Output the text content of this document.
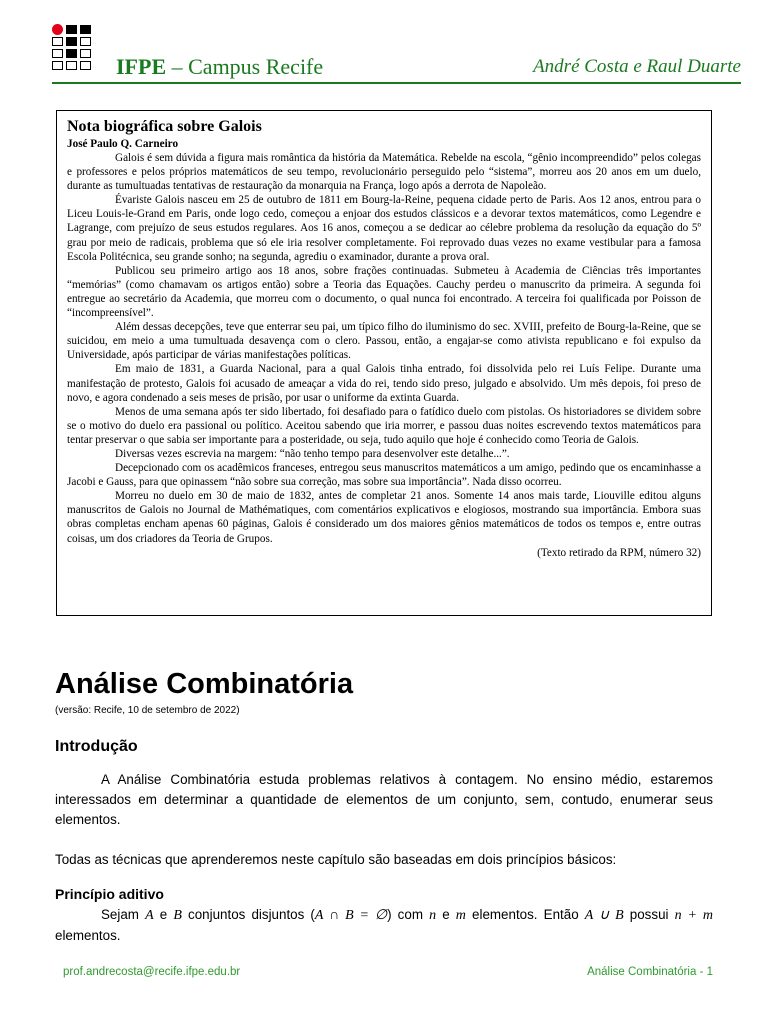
IFPE – Campus Recife	André Costa e Raul Duarte
Nota biográfica sobre Galois
José Paulo Q. Carneiro

Galois é sem dúvida a figura mais romântica da história da Matemática. Rebelde na escola, “gênio incompreendido” pelos colegas e professores e pelos próprios matemáticos de seu tempo, revolucionário perseguido pelo “sistema”, morreu aos 20 anos em um duelo, durante as tumultuadas tentativas de restauração da monarquia na França, logo após a derrota de Napoleão.

Évariste Galois nasceu em 25 de outubro de 1811 em Bourg-la-Reine, pequena cidade perto de Paris. Aos 12 anos, entrou para o Liceu Louis-le-Grand em Paris, onde logo cedo, começou a enjoar dos estudos clássicos e a devorar textos matemáticos, como Legendre e Lagrange, com prejuízo de seus estudos regulares. Aos 16 anos, começou a se dedicar ao célebre problema da resolução da equação do 5º grau por meio de radicais, problema que só ele iria resolver completamente. Foi reprovado duas vezes no exame vestibular para a famosa Escola Politécnica, seu grande sonho; na segunda, agrediu o examinador, durante a prova oral.

Publicou seu primeiro artigo aos 18 anos, sobre frações continuadas. Submeteu à Academia de Ciências três importantes “memórias” (como chamavam os artigos então) sobre a Teoria das Equações. Cauchy perdeu o manuscrito da primeira. A segunda foi entregue ao secretário da Academia, que morreu com o documento, o qual nunca foi encontrado. A terceira foi qualificada por Poisson de “incompreensível”.

Além dessas decepções, teve que enterrar seu pai, um típico filho do iluminismo do sec. XVIII, prefeito de Bourg-la-Reine, que se suicidou, em meio a uma tumultuada desavença com o clero. Passou, então, a engajar-se como ativista republicano e foi expulso da Universidade, após participar de várias manifestações políticas.

Em maio de 1831, a Guarda Nacional, para a qual Galois tinha entrado, foi dissolvida pelo rei Luís Felipe. Durante uma manifestação de protesto, Galois foi acusado de ameaçar a vida do rei, tendo sido preso, julgado e absolvido. Um mês depois, foi preso de novo, e agora condenado a seis meses de prisão, por usar o uniforme da extinta Guarda.

Menos de uma semana após ter sido libertado, foi desafiado para o fatídico duelo com pistolas. Os historiadores se dividem sobre se o motivo do duelo era passional ou político. Aceitou sabendo que iria morrer, e passou duas noites escrevendo textos matemáticos para tentar preservar o que sabia ser importante para a posteridade, ou seja, tudo aquilo que hoje é conhecido como Teoria de Galois.

Diversas vezes escrevia na margem: “não tenho tempo para desenvolver este detalhe...”.

Decepcionado com os acadêmicos franceses, entregou seus manuscritos matemáticos a um amigo, pedindo que os encaminhasse a Jacobi e Gauss, para que opinassem “não sobre sua correção, mas sobre sua importância”. Nada disso ocorreu.

Morreu no duelo em 30 de maio de 1832, antes de completar 21 anos. Somente 14 anos mais tarde, Liouville editou alguns manuscritos de Galois no Journal de Mathématiques, com comentários explicativos e elogiosos, mostrando sua importância. Embora suas obras completas encham apenas 60 páginas, Galois é considerado um dos maiores gênios matemáticos de todos os tempos e, entre outras coisas, um dos criadores da Teoria de Grupos.

(Texto retirado da RPM, número 32)

Análise Combinatória
(versão: Recife, 10 de setembro de 2022)
Introdução
A Análise Combinatória estuda problemas relativos à contagem. No ensino médio, estaremos interessados em determinar a quantidade de elementos de um conjunto, sem, contudo, enumerar seus elementos.
Todas as técnicas que aprenderemos neste capítulo são baseadas em dois princípios básicos:
Princípio aditivo
Sejam A e B conjuntos disjuntos (A ∩ B = ∅) com n e m elementos. Então A ∪ B possui n + m elementos.
prof.andrecosta@recife.ifpe.edu.br	Análise Combinatória - 1
